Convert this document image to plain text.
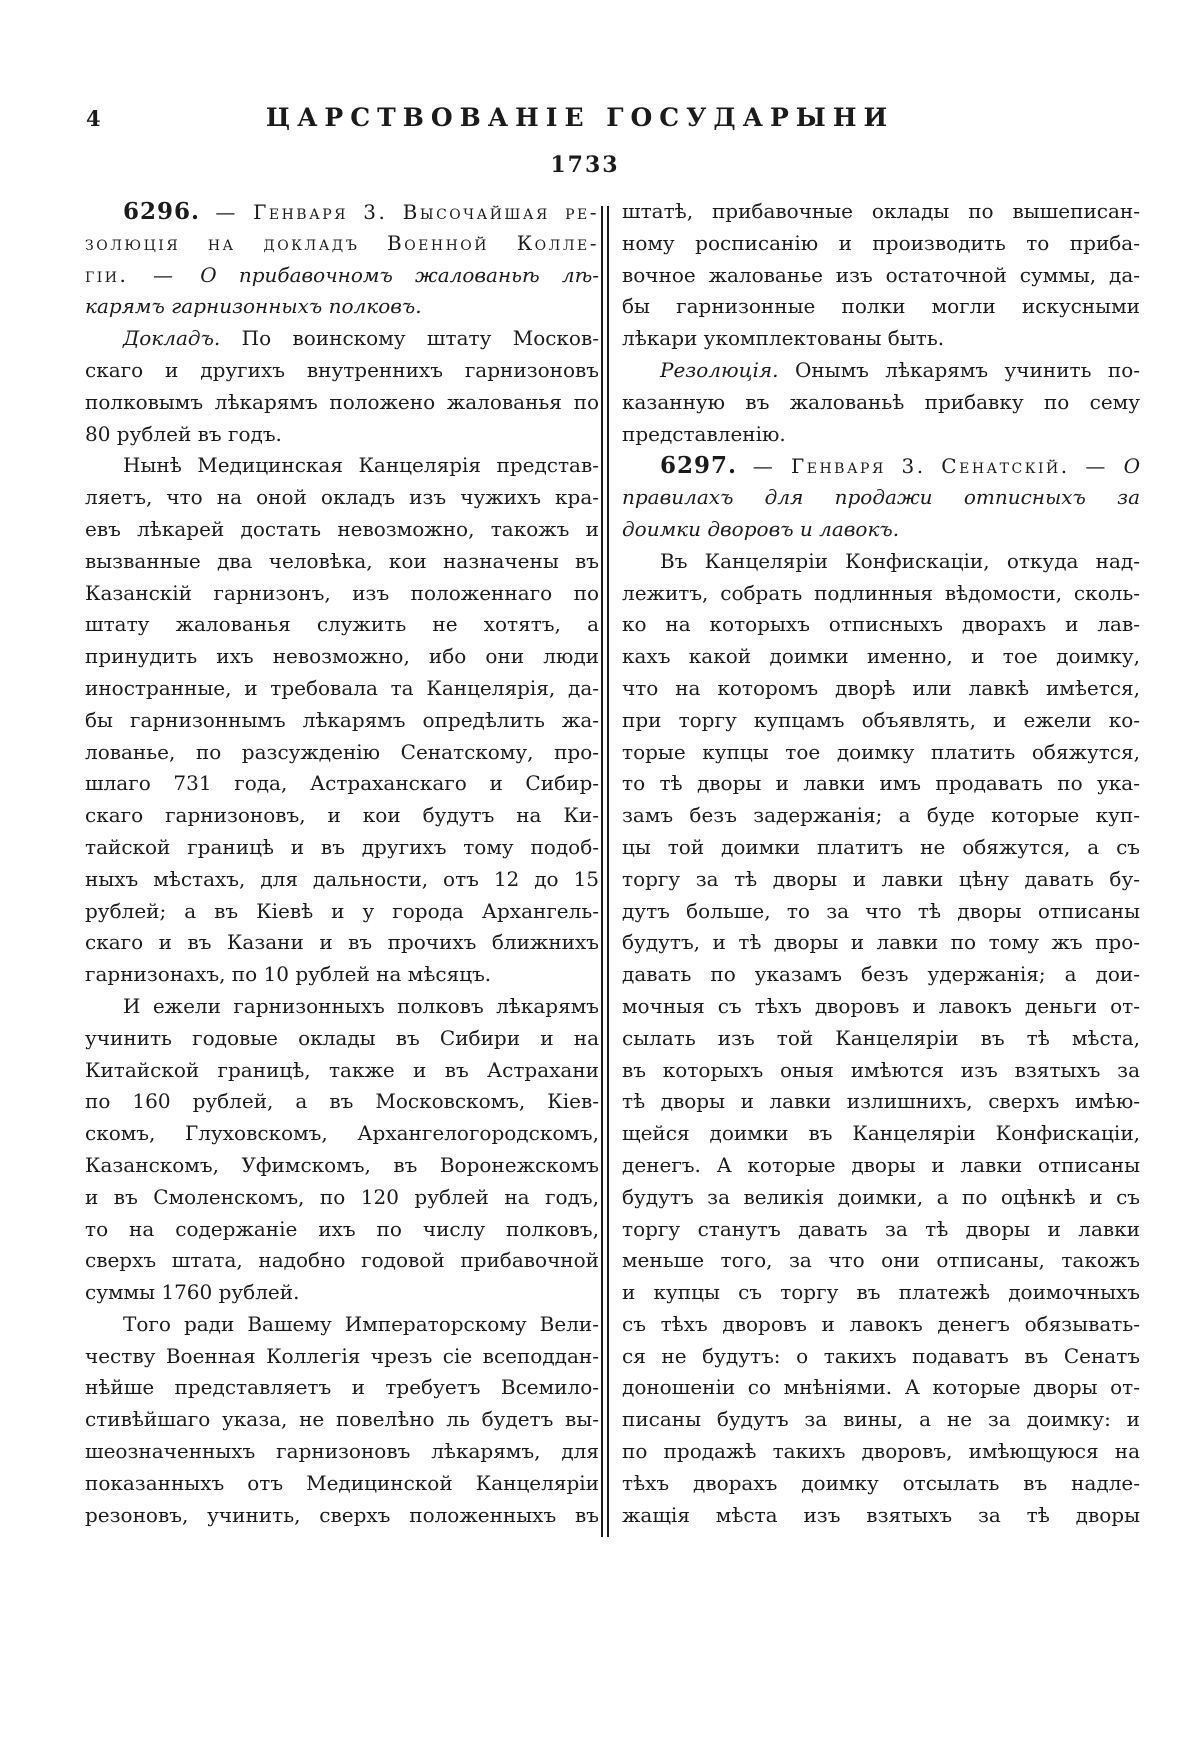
4	ЦАРСТВОВАНІЕ ГОСУДАРЫНИ
1733
6296. — Генваря 3. Высочайшая ре-
золюція на докладъ Военной Колле-
гіи. — О прибавочномъ жалованьѣ лѣ-
карямъ гарнизонныхъ полковъ.
Докладъ. По воинскому штату Москов-
скаго и другихъ внутреннихъ гарнизоновъ
полковымъ лѣкарямъ положено жалованья по
80 рублей въ годъ.
Нынѣ Медицинская Канцелярія представ-
ляетъ, что на оной окладъ изъ чужихъ кра-
евъ лѣкарей достать невозможно, такожъ и
вызванные два человѣка, кои назначены въ
Казанскій гарнизонъ, изъ положеннаго по
штату жалованья служить не хотятъ, а
принудить ихъ невозможно, ибо они люди
иностранные, и требовала та Канцелярія, да-
бы гарнизоннымъ лѣкарямъ опредѣлить жа-
лованье, по разсужденію Сенатскому, про-
шлаго 731 года, Астраханскаго и Сибир-
скаго гарнизоновъ, и кои будутъ на Ки-
тайской границѣ и въ другихъ тому подоб-
ныхъ мѣстахъ, для дальности, отъ 12 до 15
рублей; а въ Кіевѣ и у города Архангель-
скаго и въ Казани и въ прочихъ ближнихъ
гарнизонахъ, по 10 рублей на мѣсяцъ.
И ежели гарнизонныхъ полковъ лѣкарямъ
учинить годовые оклады въ Сибири и на
Китайской границѣ, также и въ Астрахани
по 160 рублей, а въ Московскомъ, Кіев-
скомъ, Глуховскомъ, Архангелогородскомъ,
Казанскомъ, Уфимскомъ, въ Воронежскомъ
и въ Смоленскомъ, по 120 рублей на годъ,
то на содержаніе ихъ по числу полковъ,
сверхъ штата, надобно годовой прибавочной
суммы 1760 рублей.
Того ради Вашему Императорскому Вели-
честву Военная Коллегія чрезъ сіе всеподдан-
нѣйше представляетъ и требуетъ Всемило-
стивѣйшаго указа, не повелѣно ль будетъ вы-
шеозначенныхъ гарнизоновъ лѣкарямъ, для
показанныхъ отъ Медицинской Канцеляріи
резоновъ, учинить, сверхъ положенныхъ въ
штатѣ, прибавочные оклады по вышеписан-
ному росписанію и производить то приба-
вочное жалованье изъ остаточной суммы, да-
бы гарнизонные полки могли искусными
лѣкари укомплектованы быть.
Резолюція. Онымъ лѣкарямъ учинить по-
казанную въ жалованьѣ прибавку по сему
представленію.
6297. — Генваря 3. Сенатскій. — О
правилахъ для продажи отписныхъ за
доимки дворовъ и лавокъ.
Въ Канцеляріи Конфискаціи, откуда над-
лежитъ, собрать подлинныя вѣдомости, сколь-
ко на которыхъ отписныхъ дворахъ и лав-
кахъ какой доимки именно, и тое доимку,
что на которомъ дворѣ или лавкѣ имѣется,
при торгу купцамъ объявлять, и ежели ко-
торые купцы тое доимку платить обяжутся,
то тѣ дворы и лавки имъ продавать по ука-
замъ безъ задержанія; а буде которые куп-
цы той доимки платитъ не обяжутся, а съ
торгу за тѣ дворы и лавки цѣну давать бу-
дутъ больше, то за что тѣ дворы отписаны
будутъ, и тѣ дворы и лавки по тому жъ про-
давать по указамъ безъ удержанія; а дои-
мочныя съ тѣхъ дворовъ и лавокъ деньги от-
сылать изъ той Канцеляріи въ тѣ мѣста,
въ которыхъ оныя имѣются изъ взятыхъ за
тѣ дворы и лавки излишнихъ, сверхъ имѣю-
щейся доимки въ Канцеляріи Конфискаціи,
денегъ. А которые дворы и лавки отписаны
будутъ за великія доимки, а по оцѣнкѣ и съ
торгу станутъ давать за тѣ дворы и лавки
меньше того, за что они отписаны, такожъ
и купцы съ торгу въ платежѣ доимочныхъ
съ тѣхъ дворовъ и лавокъ денегъ обязывать-
ся не будутъ: о такихъ подаватъ въ Сенатъ
доношеніи со мнѣніями. А которые дворы от-
писаны будутъ за вины, а не за доимку: и
по продажѣ такихъ дворовъ, имѣющуюся на
тѣхъ дворахъ доимку отсылать въ надле-
жащія мѣста изъ взятыхъ за тѣ дворы
